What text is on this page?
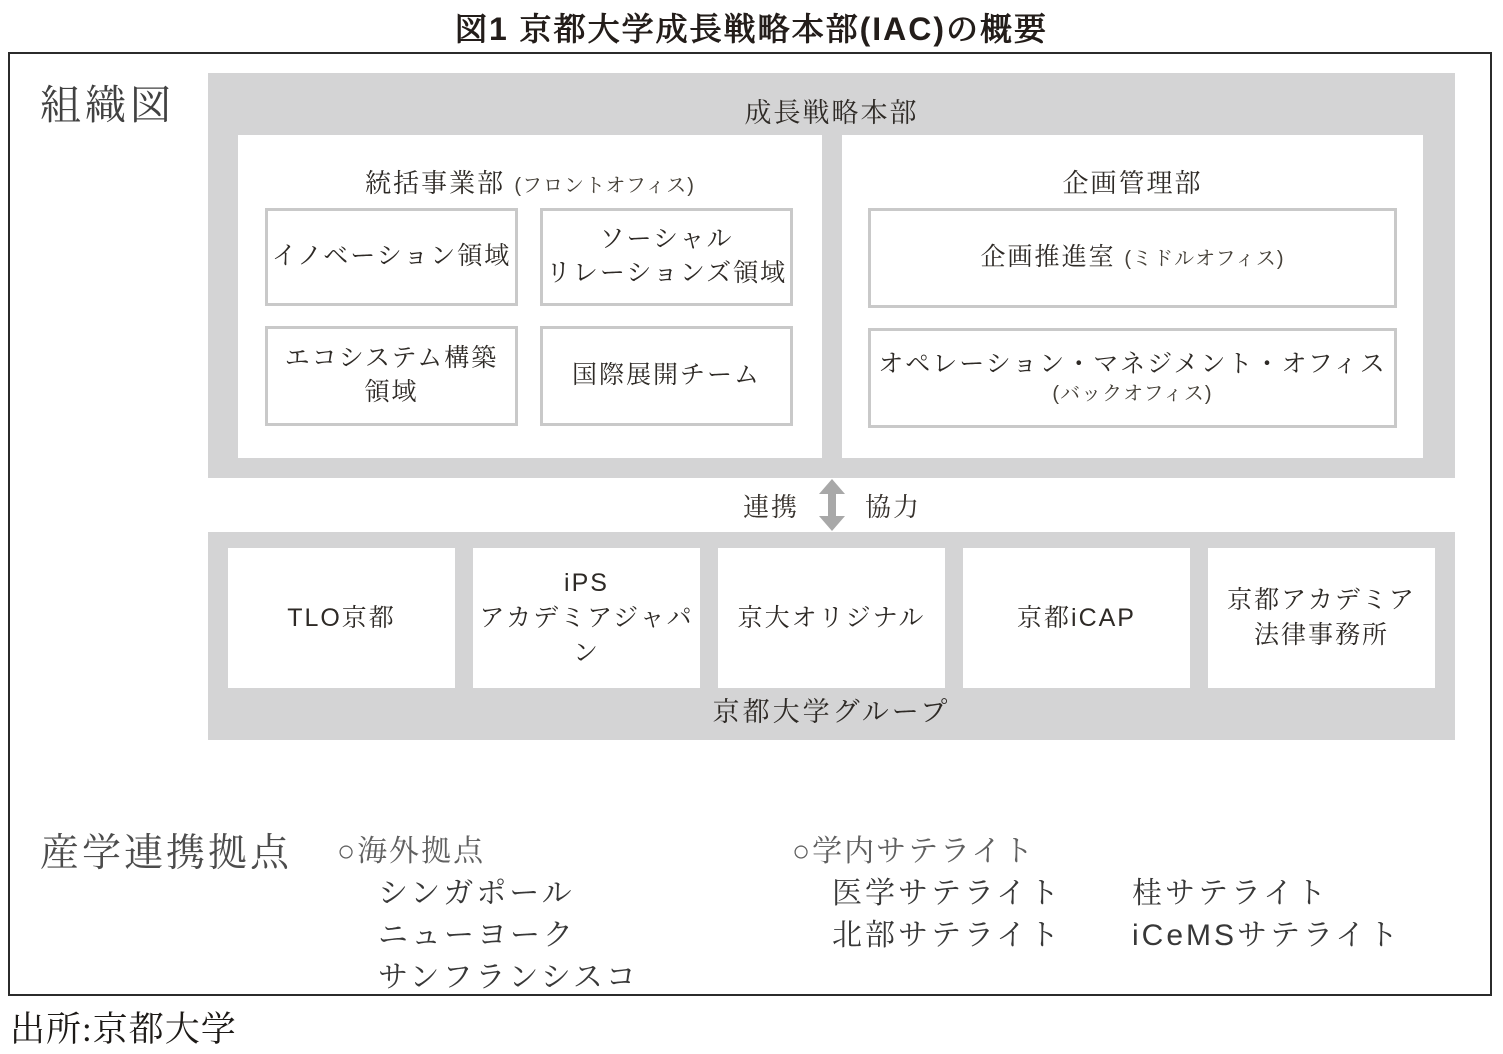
図1 京都大学成長戦略本部(IAC)の概要
組織図	成長戦略本部
統括事業部 (フロントオフィス)
イノベーション領域
ソーシャル
リレーションズ領域
エコシステム構築
領域
国際展開チーム
企画管理部
企画推進室 (ミドルオフィス)
オペレーション・マネジメント・オフィス
(バックオフィス)
連携	協力
TLO京都
iPS
アカデミアジャパン
京大オリジナル	京都iCAP
京都アカデミア
法律事務所
京都大学グループ
産学連携拠点 ○海外拠点
シンガポール
ニューヨーク
サンフランシスコ
○学内サテライト
医学サテライト
北部サテライト
桂サテライト
iCeMSサテライト
出所:京都大学
